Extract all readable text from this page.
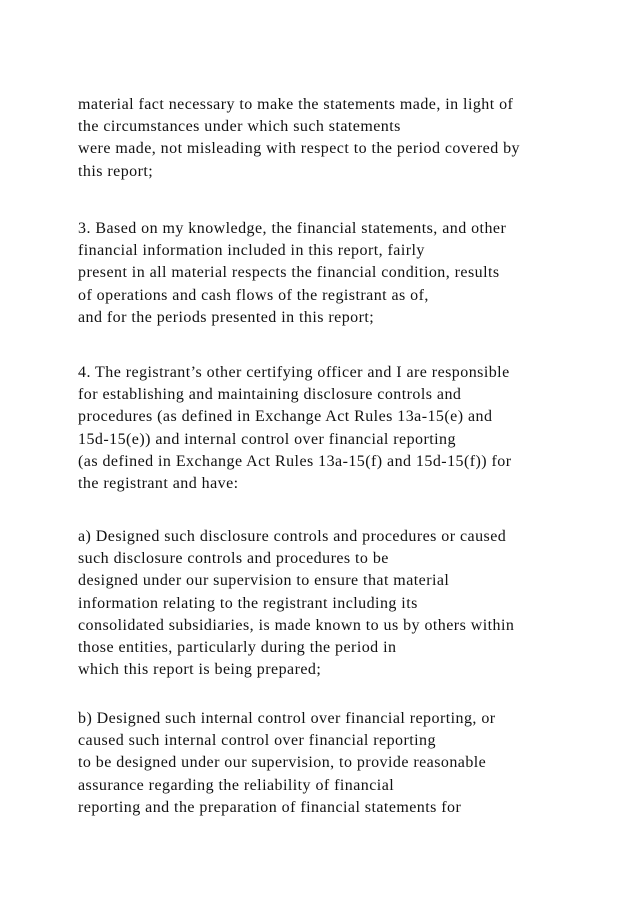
material fact necessary to make the statements made, in light of
the circumstances under which such statements
were made, not misleading with respect to the period covered by
this report;
3. Based on my knowledge, the financial statements, and other
financial information included in this report, fairly
present in all material respects the financial condition, results
of operations and cash flows of the registrant as of,
and for the periods presented in this report;
4. The registrant’s other certifying officer and I are responsible
for establishing and maintaining disclosure controls and
procedures (as defined in Exchange Act Rules 13a-15(e) and
15d-15(e)) and internal control over financial reporting
(as defined in Exchange Act Rules 13a-15(f) and 15d-15(f)) for
the registrant and have:
a) Designed such disclosure controls and procedures or caused
such disclosure controls and procedures to be
designed under our supervision to ensure that material
information relating to the registrant including its
consolidated subsidiaries, is made known to us by others within
those entities, particularly during the period in
which this report is being prepared;
b) Designed such internal control over financial reporting, or
caused such internal control over financial reporting
to be designed under our supervision, to provide reasonable
assurance regarding the reliability of financial
reporting and the preparation of financial statements for
